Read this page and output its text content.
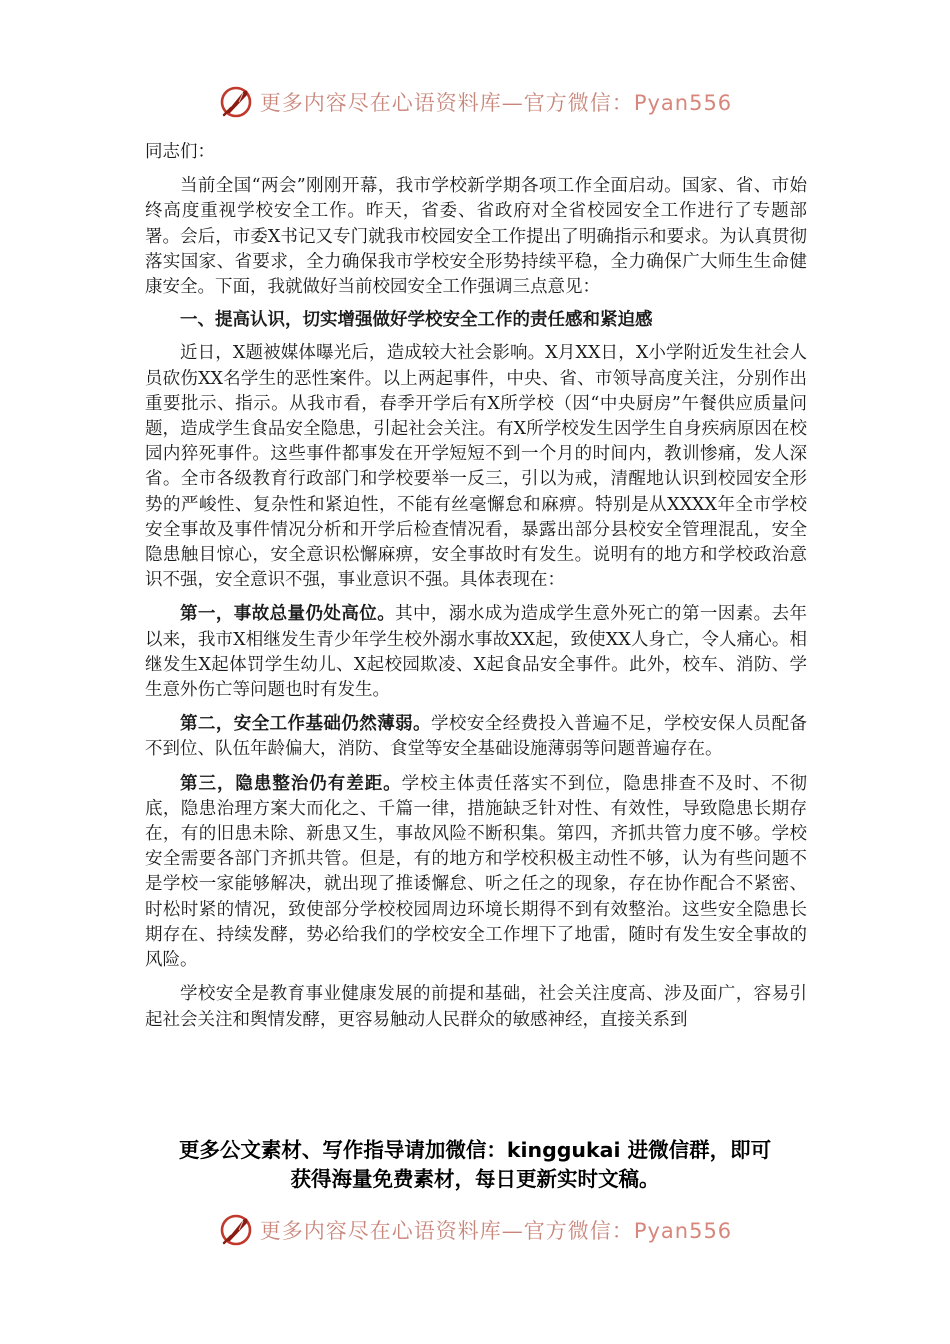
更多内容尽在心语资料库—官方微信：Pyan556

同志们：

当前全国“两会”刚刚开幕，我市学校新学期各项工作全面启动。国家、省、市始终高度重视学校安全工作。昨天，省委、省政府对全省校园安全工作进行了专题部署。会后，市委X书记又专门就我市校园安全工作提出了明确指示和要求。为认真贯彻落实国家、省要求，全力确保我市学校安全形势持续平稳，全力确保广大师生生命健康安全。下面，我就做好当前校园安全工作强调三点意见：

一、提高认识，切实增强做好学校安全工作的责任感和紧迫感

近日，X题被媒体曝光后，造成较大社会影响。X月XX日，X小学附近发生社会人员砍伤XX名学生的恶性案件。以上两起事件，中央、省、市领导高度关注，分别作出重要批示、指示。从我市看，春季开学后有X所学校（因“中央厨房”午餐供应质量问题，造成学生食品安全隐患，引起社会关注。有X所学校发生因学生自身疾病原因在校园内猝死事件。这些事件都事发在开学短短不到一个月的时间内，教训惨痛，发人深省。全市各级教育行政部门和学校要举一反三，引以为戒，清醒地认识到校园安全形势的严峻性、复杂性和紧迫性，不能有丝毫懈怠和麻痹。特别是从XXXX年全市学校安全事故及事件情况分析和开学后检查情况看，暴露出部分县校安全管理混乱，安全隐患触目惊心，安全意识松懈麻痹，安全事故时有发生。说明有的地方和学校政治意识不强，安全意识不强，事业意识不强。具体表现在：

第一，事故总量仍处高位。其中，溺水成为造成学生意外死亡的第一因素。去年以来，我市X相继发生青少年学生校外溺水事故XX起，致使XX人身亡，令人痛心。相继发生X起体罚学生幼儿、X起校园欺凌、X起食品安全事件。此外，校车、消防、学生意外伤亡等问题也时有发生。

第二，安全工作基础仍然薄弱。学校安全经费投入普遍不足，学校安保人员配备不到位、队伍年龄偏大，消防、食堂等安全基础设施薄弱等问题普遍存在。

第三，隐患整治仍有差距。学校主体责任落实不到位，隐患排查不及时、不彻底，隐患治理方案大而化之、千篇一律，措施缺乏针对性、有效性，导致隐患长期存在，有的旧患未除、新患又生，事故风险不断积集。第四，齐抓共管力度不够。学校安全需要各部门齐抓共管。但是，有的地方和学校积极主动性不够，认为有些问题不是学校一家能够解决，就出现了推诿懈怠、听之任之的现象，存在协作配合不紧密、时松时紧的情况，致使部分学校校园周边环境长期得不到有效整治。这些安全隐患长期存在、持续发酵，势必给我们的学校安全工作埋下了地雷，随时有发生安全事故的风险。

学校安全是教育事业健康发展的前提和基础，社会关注度高、涉及面广，容易引起社会关注和舆情发酵，更容易触动人民群众的敏感神经，直接关系到

更多公文素材、写作指导请加微信：kinggukai 进微信群，即可
获得海量免费素材，每日更新实时文稿。
更多内容尽在心语资料库—官方微信：Pyan556
